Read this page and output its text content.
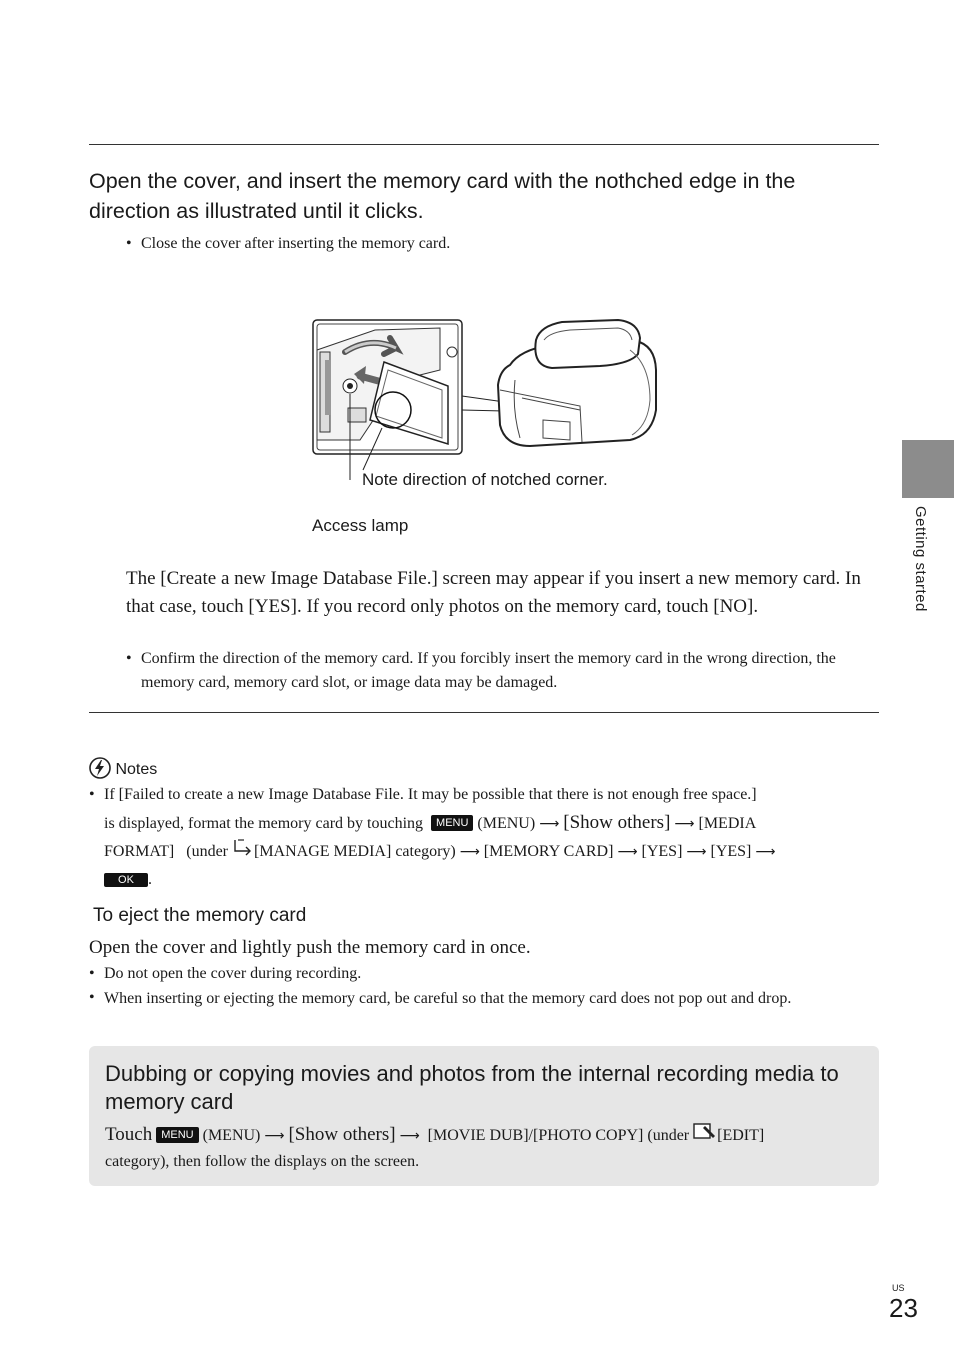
Open the cover, and insert the memory card with the nothched edge in the direction as illustrated until it clicks.
• Close the cover after inserting the memory card.
Note direction of notched corner.
Access lamp
The [Create a new Image Database File.] screen may appear if you insert a new memory card. In that case, touch [YES]. If you record only photos on the memory card, touch [NO].
• Confirm the direction of the memory card. If you forcibly insert the memory card in the wrong direction, the memory card, memory card slot, or image data may be damaged.
Notes
• If [Failed to create a new Image Database File. It may be possible that there is not enough free space.]
is displayed, format the memory card by touching MENU (MENU) ⟶ [Show others] ⟶ [MEDIA
FORMAT] (under [MANAGE MEDIA] category) ⟶ [MEMORY CARD] ⟶ [YES] ⟶ [YES] ⟶
OK .
To eject the memory card
Open the cover and lightly push the memory card in once.
• Do not open the cover during recording.
• When inserting or ejecting the memory card, be careful so that the memory card does not pop out and drop.
Dubbing or copying movies and photos from the internal recording media to memory card
Touch MENU (MENU) ⟶ [Show others] ⟶ [MOVIE DUB]/[PHOTO COPY] (under [EDIT]
category), then follow the displays on the screen.
Getting started
US
23
